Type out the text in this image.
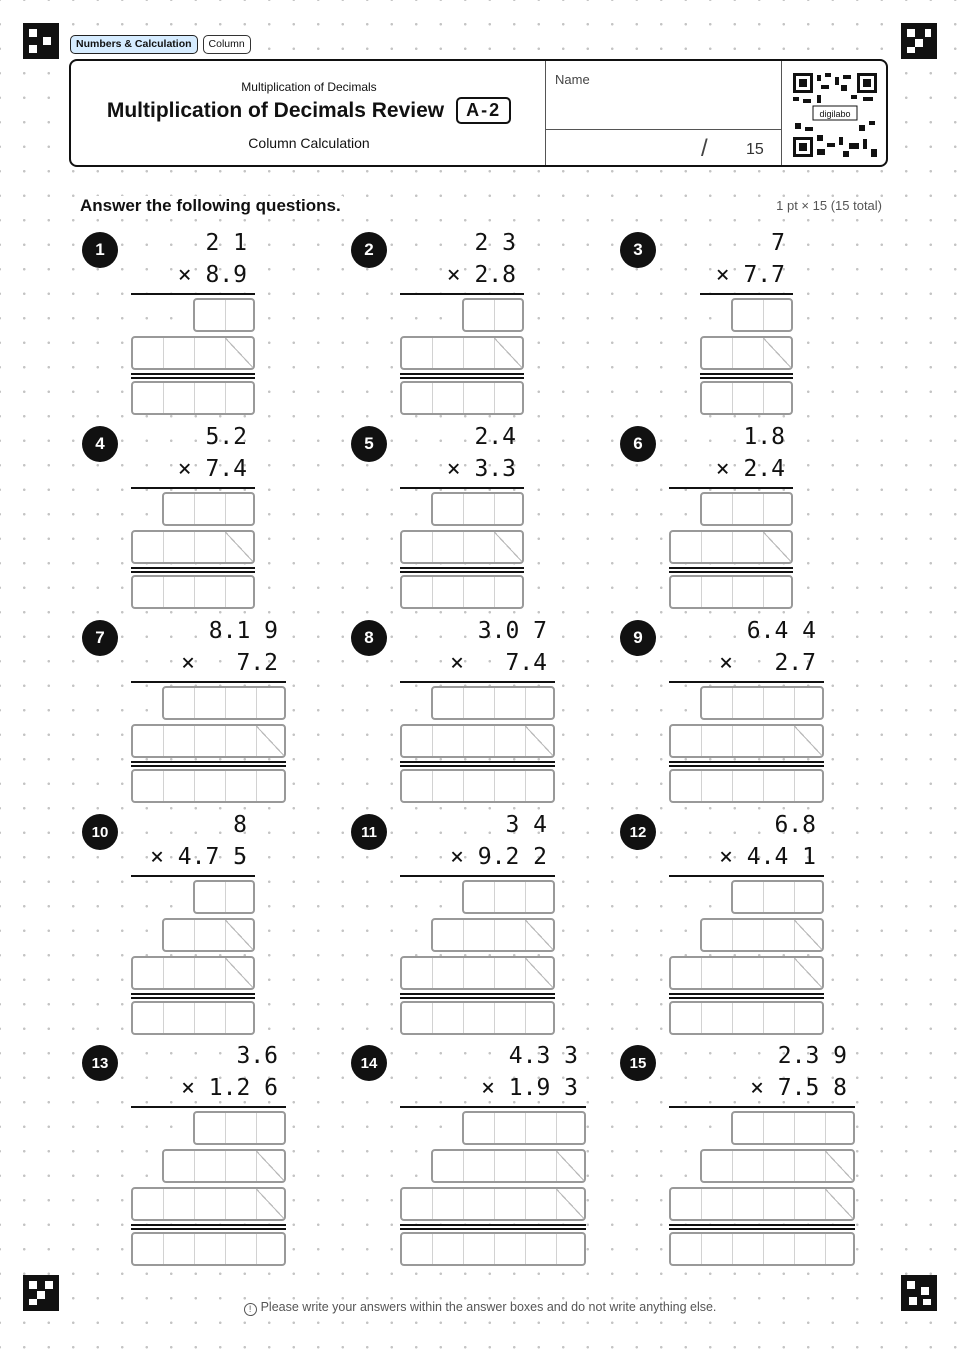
Numbers & Calculation	Column
Multiplication of Decimals
Multiplication of Decimals Review	A-2
Column Calculation
Name
/ 15
digilabo
Answer the following questions.	1 pt × 15 (15 total)
1	2 1
× 8.9
2	2 3
× 2.8
3	7
× 7.7
4	5.2
× 7.4
5	2.4
× 3.3
6	1.8
× 2.4
7	8.1 9
×   7.2
8	3.0 7
×   7.4
9	6.4 4
×   2.7
10	8
× 4.7 5
11	3 4
× 9.2 2
12	6.8
× 4.4 1
13	3.6
× 1.2 6
14	4.3 3
× 1.9 3
15	2.3 9
× 7.5 8
! Please write your answers within the answer boxes and do not write anything else.
